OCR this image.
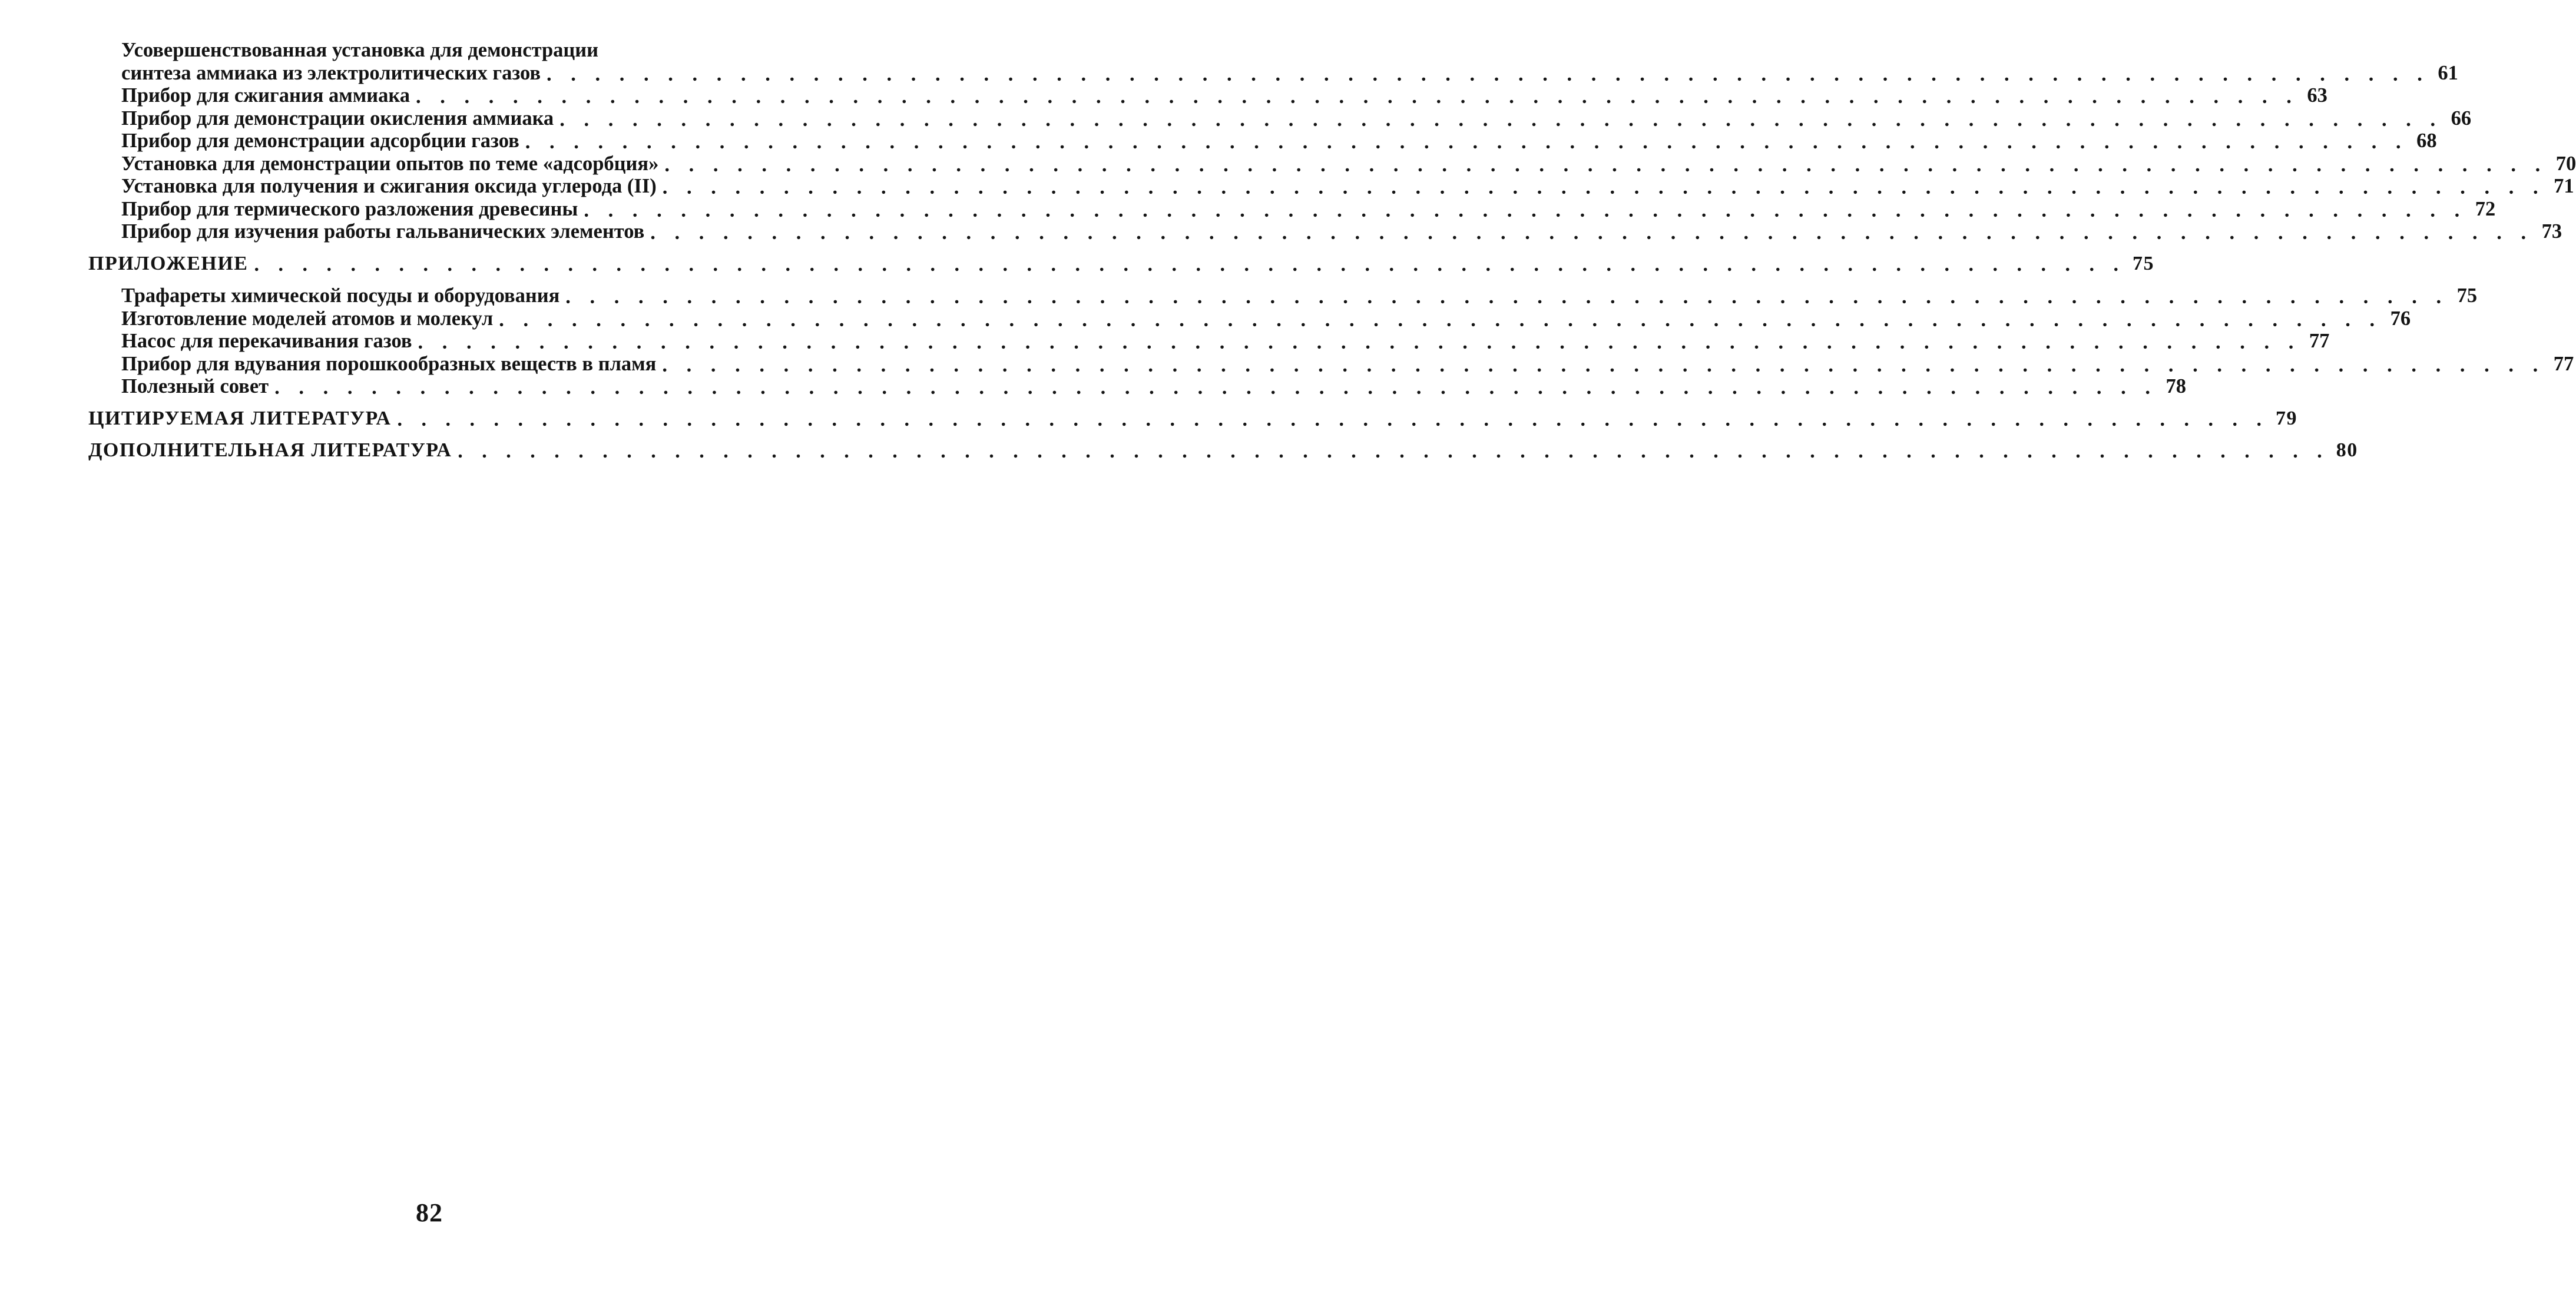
Усовершенствованная установка для демонстрации
синтеза аммиака из электролитических газов . . .	61
Прибор для сжигания аммиака . . .	63
Прибор для демонстрации окисления аммиака . . .	66
Прибор для демонстрации адсорбции газов . . .	68
Установка для демонстрации опытов по теме «адсорбция» . . .	70
Установка для получения и сжигания оксида углерода (II) . . .	71
Прибор для термического разложения древесины . . .	72
Прибор для изучения работы гальванических элементов . . .	73
ПРИЛОЖЕНИЕ . . .	75
Трафареты химической посуды и оборудования . . .	75
Изготовление моделей атомов и молекул . . .	76
Насос для перекачивания газов . . .	77
Прибор для вдувания порошкообразных веществ в пламя . . .	77
Полезный совет . . .	78
ЦИТИРУЕМАЯ ЛИТЕРАТУРА . . .	79
ДОПОЛНИТЕЛЬНАЯ ЛИТЕРАТУРА . . .	80
82
